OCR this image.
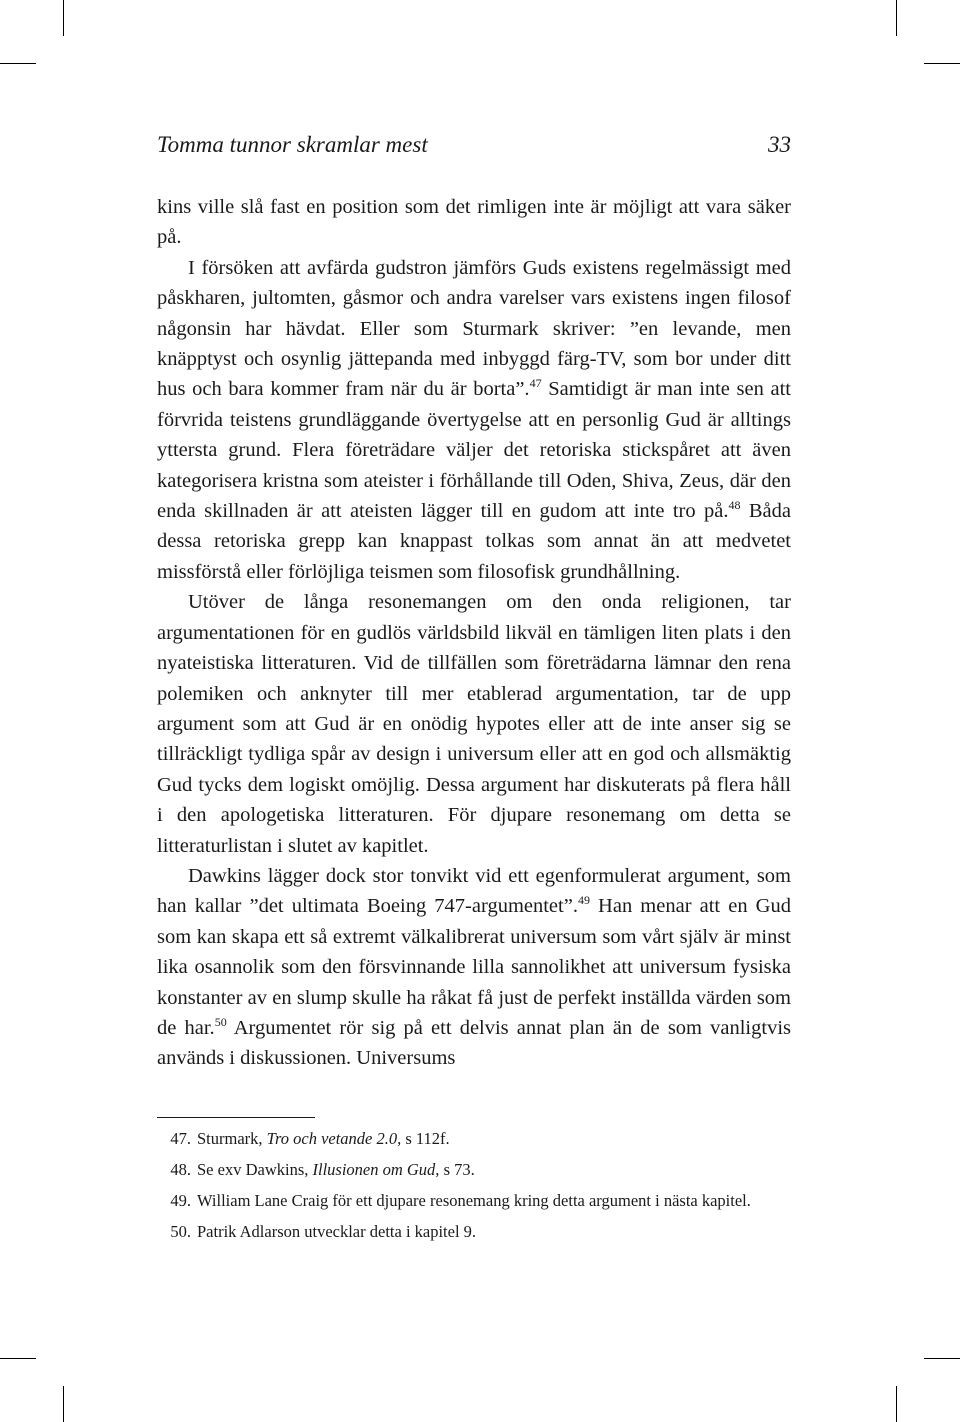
Tomma tunnor skramlar mest	33

kins ville slå fast en position som det rimligen inte är möjligt att vara säker på.

I försöken att avfärda gudstron jämförs Guds existens regelmässigt med påskharen, jultomten, gåsmor och andra varelser vars existens ingen filosof någonsin har hävdat. Eller som Sturmark skriver: ”en levande, men knäpptyst och osynlig jättepanda med inbyggd färg-TV, som bor under ditt hus och bara kommer fram när du är borta”.$^{47}$ Samtidigt är man inte sen att förvrida teistens grundläggande övertygelse att en personlig Gud är alltings yttersta grund. Flera företrädare väljer det retoriska stickspåret att även kategorisera kristna som ateister i förhållande till Oden, Shiva, Zeus, där den enda skillnaden är att ateisten lägger till en gudom att inte tro på.$^{48}$ Båda dessa retoriska grepp kan knappast tolkas som annat än att medvetet missförstå eller förlöjliga teismen som filosofisk grundhållning.

Utöver de långa resonemangen om den onda religionen, tar argumentationen för en gudlös världsbild likväl en tämligen liten plats i den nyateistiska litteraturen. Vid de tillfällen som företrädarna lämnar den rena polemiken och anknyter till mer etablerad argumentation, tar de upp argument som att Gud är en onödig hypotes eller att de inte anser sig se tillräckligt tydliga spår av design i universum eller att en god och allsmäktig Gud tycks dem logiskt omöjlig. Dessa argument har diskuterats på flera håll i den apologetiska litteraturen. För djupare resonemang om detta se litteraturlistan i slutet av kapitlet.

Dawkins lägger dock stor tonvikt vid ett egenformulerat argument, som han kallar ”det ultimata Boeing 747-argumentet”.$^{49}$ Han menar att en Gud som kan skapa ett så extremt välkalibrerat universum som vårt själv är minst lika osannolik som den försvinnande lilla sannolikhet att universum fysiska konstanter av en slump skulle ha råkat få just de perfekt inställda värden som de har.$^{50}$ Argumentet rör sig på ett delvis annat plan än de som vanligtvis används i diskussionen. Universums

47. Sturmark, Tro och vetande 2.0, s 112f.
48. Se exv Dawkins, Illusionen om Gud, s 73.
49. William Lane Craig för ett djupare resonemang kring detta argument i nästa kapitel.
50. Patrik Adlarson utvecklar detta i kapitel 9.
